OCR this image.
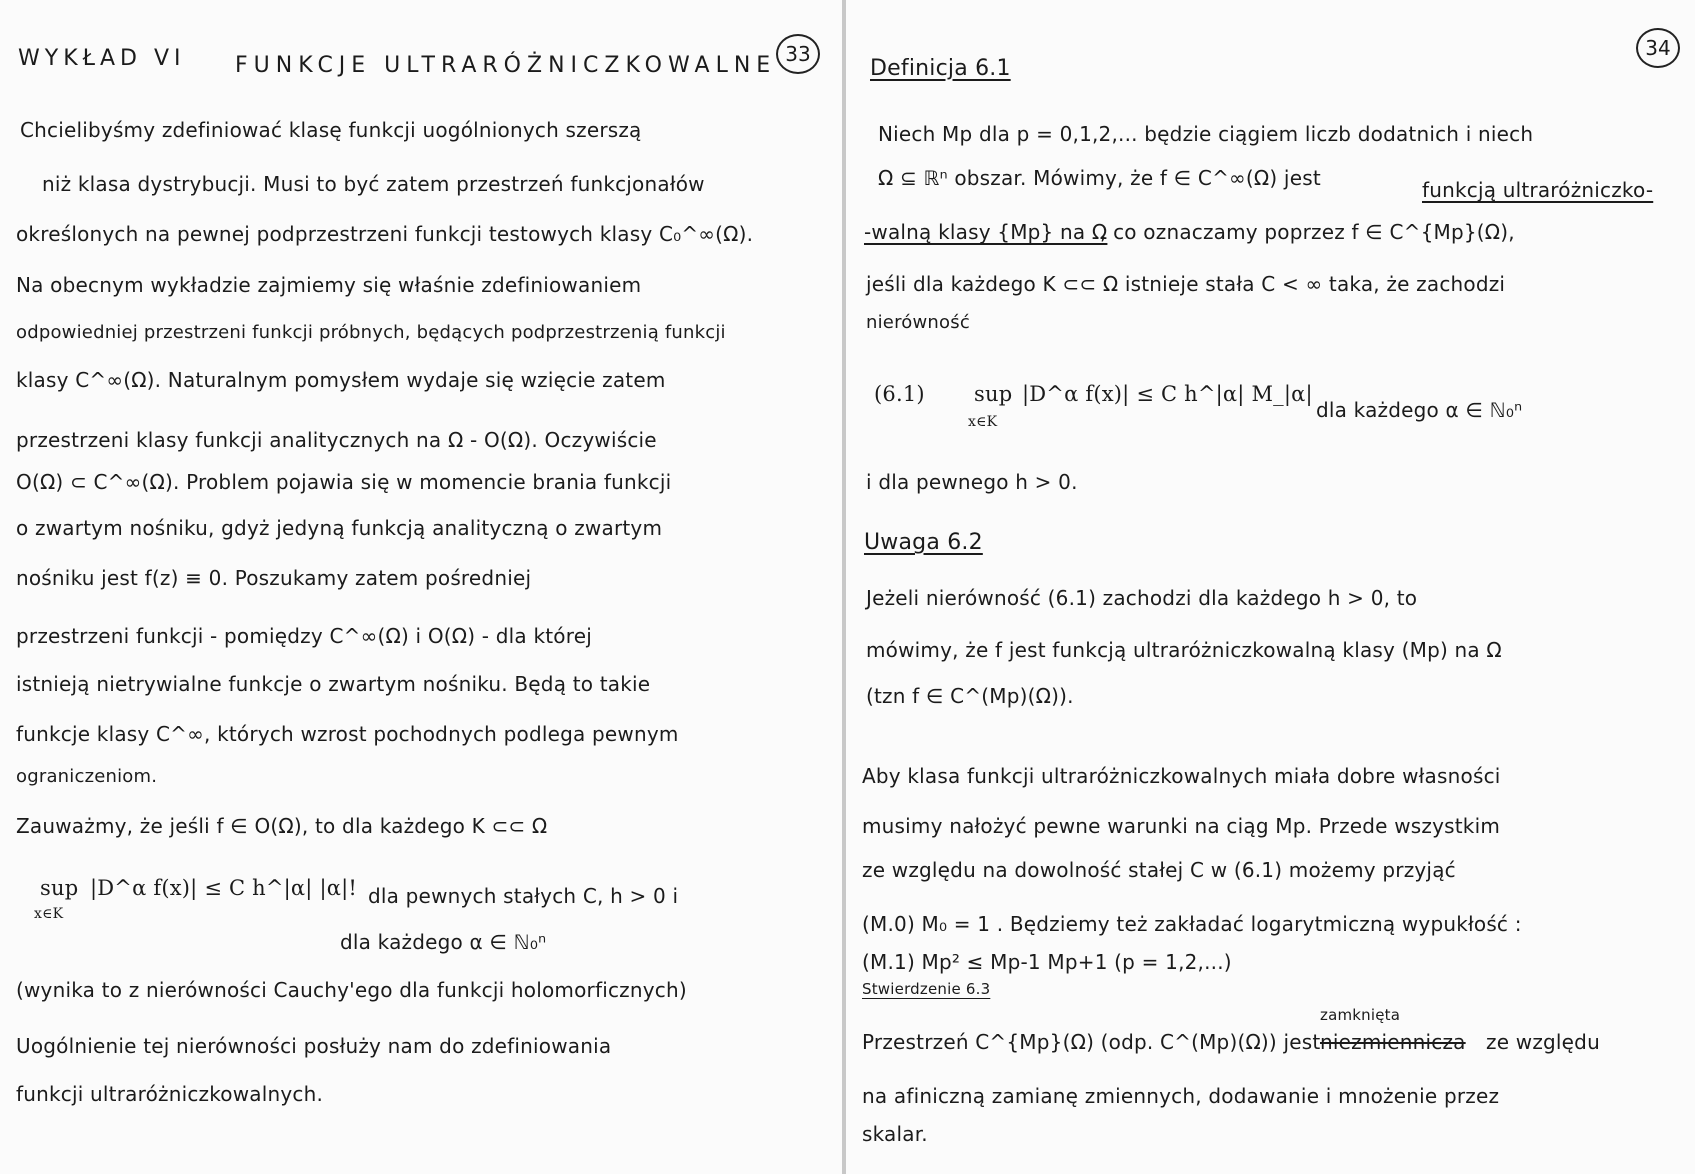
WYKŁAD VI FUNKCJE ULTRARÓŻNICZKOWALNE 33
Chcielibyśmy zdefiniować klasę funkcji uogólnionych szerszą
niż klasa dystrybucji. Musi to być zatem przestrzeń funkcjonałów
określonych na pewnej podprzestrzeni funkcji testowych klasy C₀^∞(Ω).
Na obecnym wykładzie zajmiemy się właśnie zdefiniowaniem
odpowiedniej przestrzeni funkcji próbnych, będących podprzestrzenią funkcji
klasy C^∞(Ω). Naturalnym pomysłem wydaje się wzięcie zatem
przestrzeni klasy funkcji analitycznych na Ω - O(Ω). Oczywiście
O(Ω) ⊂ C^∞(Ω). Problem pojawia się w momencie brania funkcji
o zwartym nośniku, gdyż jedyną funkcją analityczną o zwartym
nośniku jest f(z) ≡ 0. Poszukamy zatem pośredniej
przestrzeni funkcji - pomiędzy C^∞(Ω) i O(Ω) - dla której
istnieją nietrywialne funkcje o zwartym nośniku. Będą to takie
funkcje klasy C^∞, których wzrost pochodnych podlega pewnym
ograniczeniom.
Zauważmy, że jeśli f ∈ O(Ω), to dla każdego K ⊂⊂ Ω
sup
x∈K
|D^α f(x)| ≤ C h^|α| |α|! dla pewnych stałych C, h > 0 i
dla każdego α ∈ ℕ₀ⁿ
(wynika to z nierówności Cauchy'ego dla funkcji holomorficznych)
Uogólnienie tej nierówności posłuży nam do zdefiniowania
funkcji ultraróżniczkowalnych.
34
Definicja 6.1
Niech Mp dla p = 0,1,2,... będzie ciągiem liczb dodatnich i niech
Ω ⊆ ℝⁿ obszar. Mówimy, że f ∈ C^∞(Ω) jest	funkcją ultraróżniczko-
-walną klasy {Mp} na Ω
, co oznaczamy poprzez f ∈ C^{Mp}(Ω),
jeśli dla każdego K ⊂⊂ Ω istnieje stała C < ∞ taka, że zachodzi
nierówność
(6.1) sup
x∈K
|D^α f(x)| ≤ C h^|α| M_|α|
dla każdego α ∈ ℕ₀ⁿ
i dla pewnego h > 0.
Uwaga 6.2
Jeżeli nierówność (6.1) zachodzi dla każdego h > 0, to
mówimy, że f jest funkcją ultraróżniczkowalną klasy (Mp) na Ω
(tzn f ∈ C^(Mp)(Ω)).
Aby klasa funkcji ultraróżniczkowalnych miała dobre własności
musimy nałożyć pewne warunki na ciąg Mp. Przede wszystkim
ze względu na dowolność stałej C w (6.1) możemy przyjąć
(M.0) M₀ = 1 . Będziemy też zakładać logarytmiczną wypukłość :
(M.1) Mp² ≤ Mp-1 Mp+1 (p = 1,2,...)
Stwierdzenie 6.3
zamknięta
Przestrzeń C^{Mp}(Ω) (odp. C^(Mp)(Ω)) jest niezmiennicza ze względu
na afiniczną zamianę zmiennych, dodawanie i mnożenie przez
skalar.
